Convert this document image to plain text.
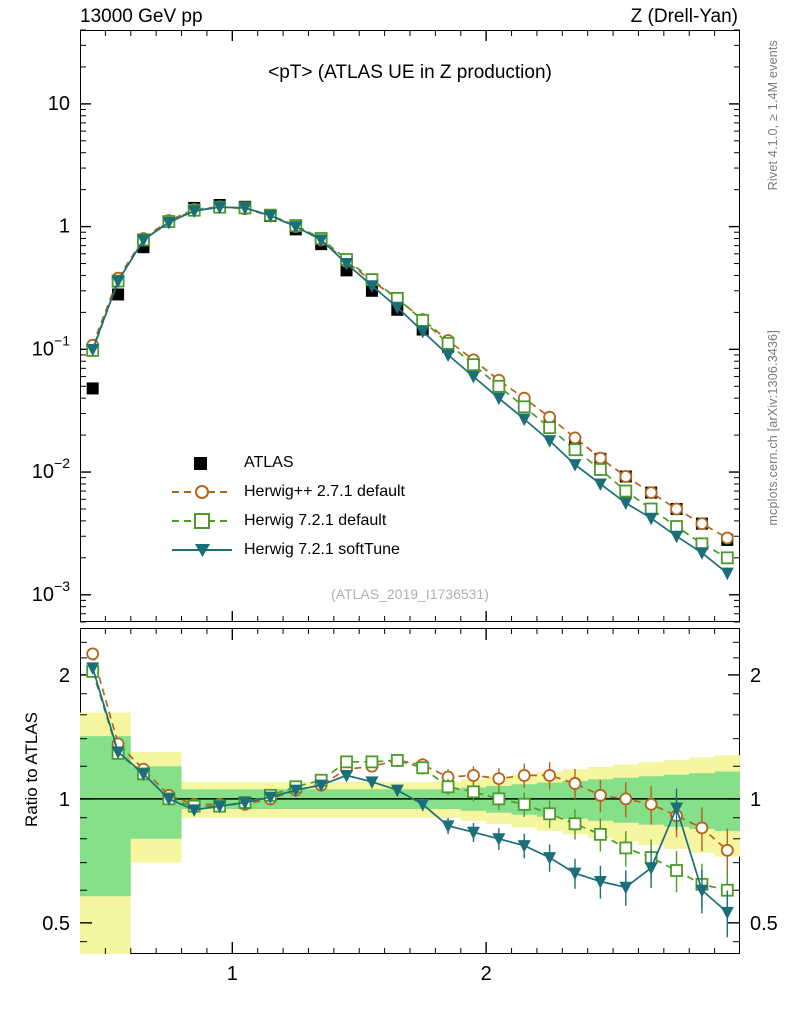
13000 GeV pp	Z (Drell-Yan)
Rivet 4.1.0, ≥ 1.4M events
mcplots.cern.ch [arXiv:1306.3436]
<pT> (ATLAS UE in Z production)
(ATLAS_2019_I1736531)
$10^{-3}$
$10^{-2}$
$10^{-1}$
1
10
ATLAS
Herwig++ 2.7.1 default
Herwig 7.2.1 default
Herwig 7.2.1 softTune
Ratio to ATLAS
0.5	0.5
1	1
2	2
1	2
